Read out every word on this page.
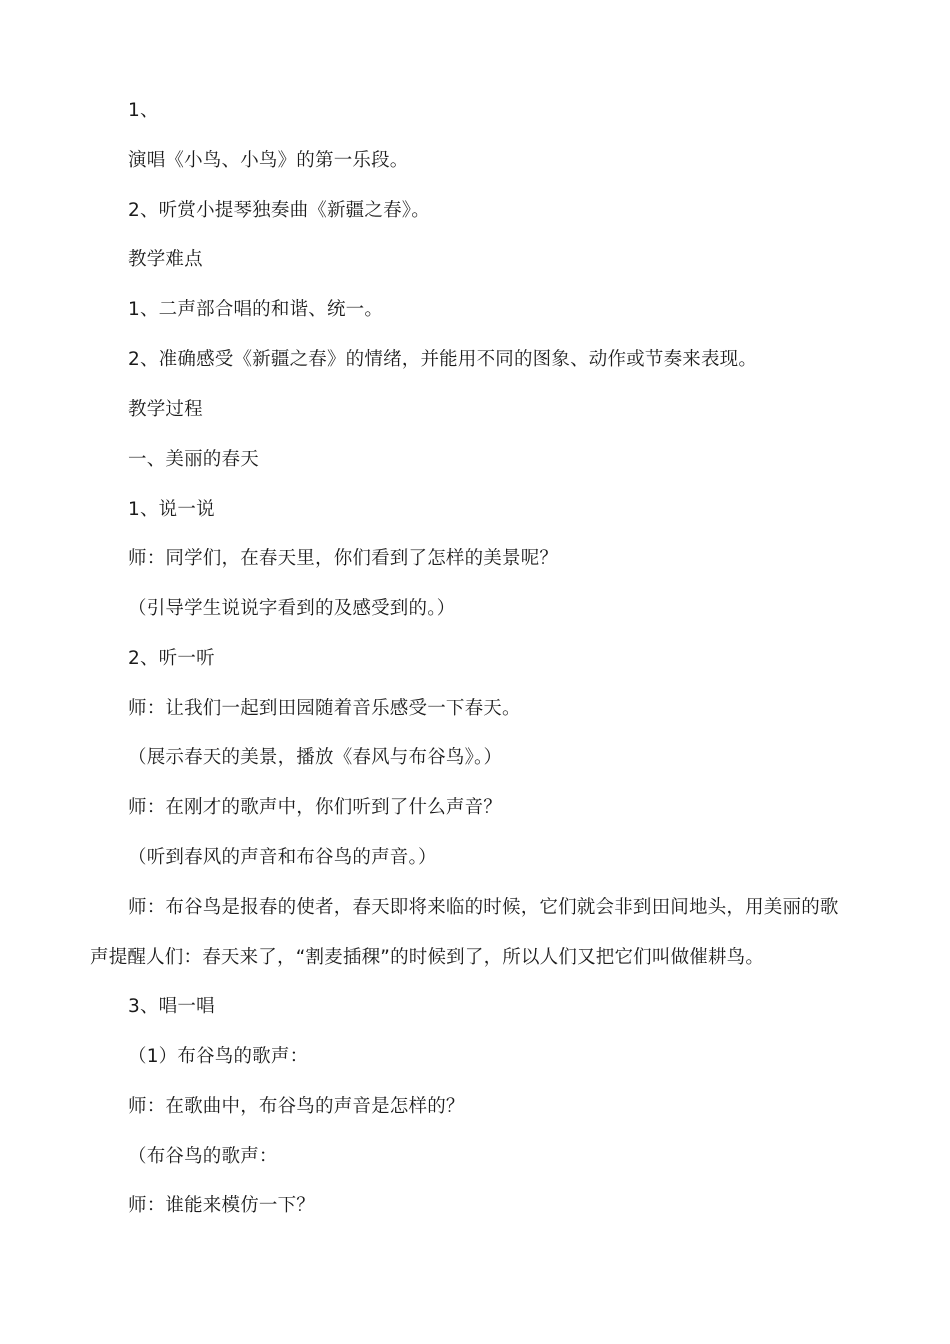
1、
演唱《小鸟、小鸟》的第一乐段。
2、听赏小提琴独奏曲《新疆之春》。
教学难点
1、二声部合唱的和谐、统一。
2、准确感受《新疆之春》的情绪，并能用不同的图象、动作或节奏来表现。
教学过程
一、美丽的春天
1、说一说
师：同学们，在春天里，你们看到了怎样的美景呢？
（引导学生说说字看到的及感受到的。）
2、听一听
师：让我们一起到田园随着音乐感受一下春天。
（展示春天的美景，播放《春风与布谷鸟》。）
师：在刚才的歌声中，你们听到了什么声音？
（听到春风的声音和布谷鸟的声音。）
师：布谷鸟是报春的使者，春天即将来临的时候，它们就会非到田间地头，用美丽的歌
声提醒人们：春天来了，“割麦插稞”的时候到了，所以人们又把它们叫做催耕鸟。
3、唱一唱
（1）布谷鸟的歌声：
师：在歌曲中，布谷鸟的声音是怎样的？
（布谷鸟的歌声：
师：谁能来模仿一下？
